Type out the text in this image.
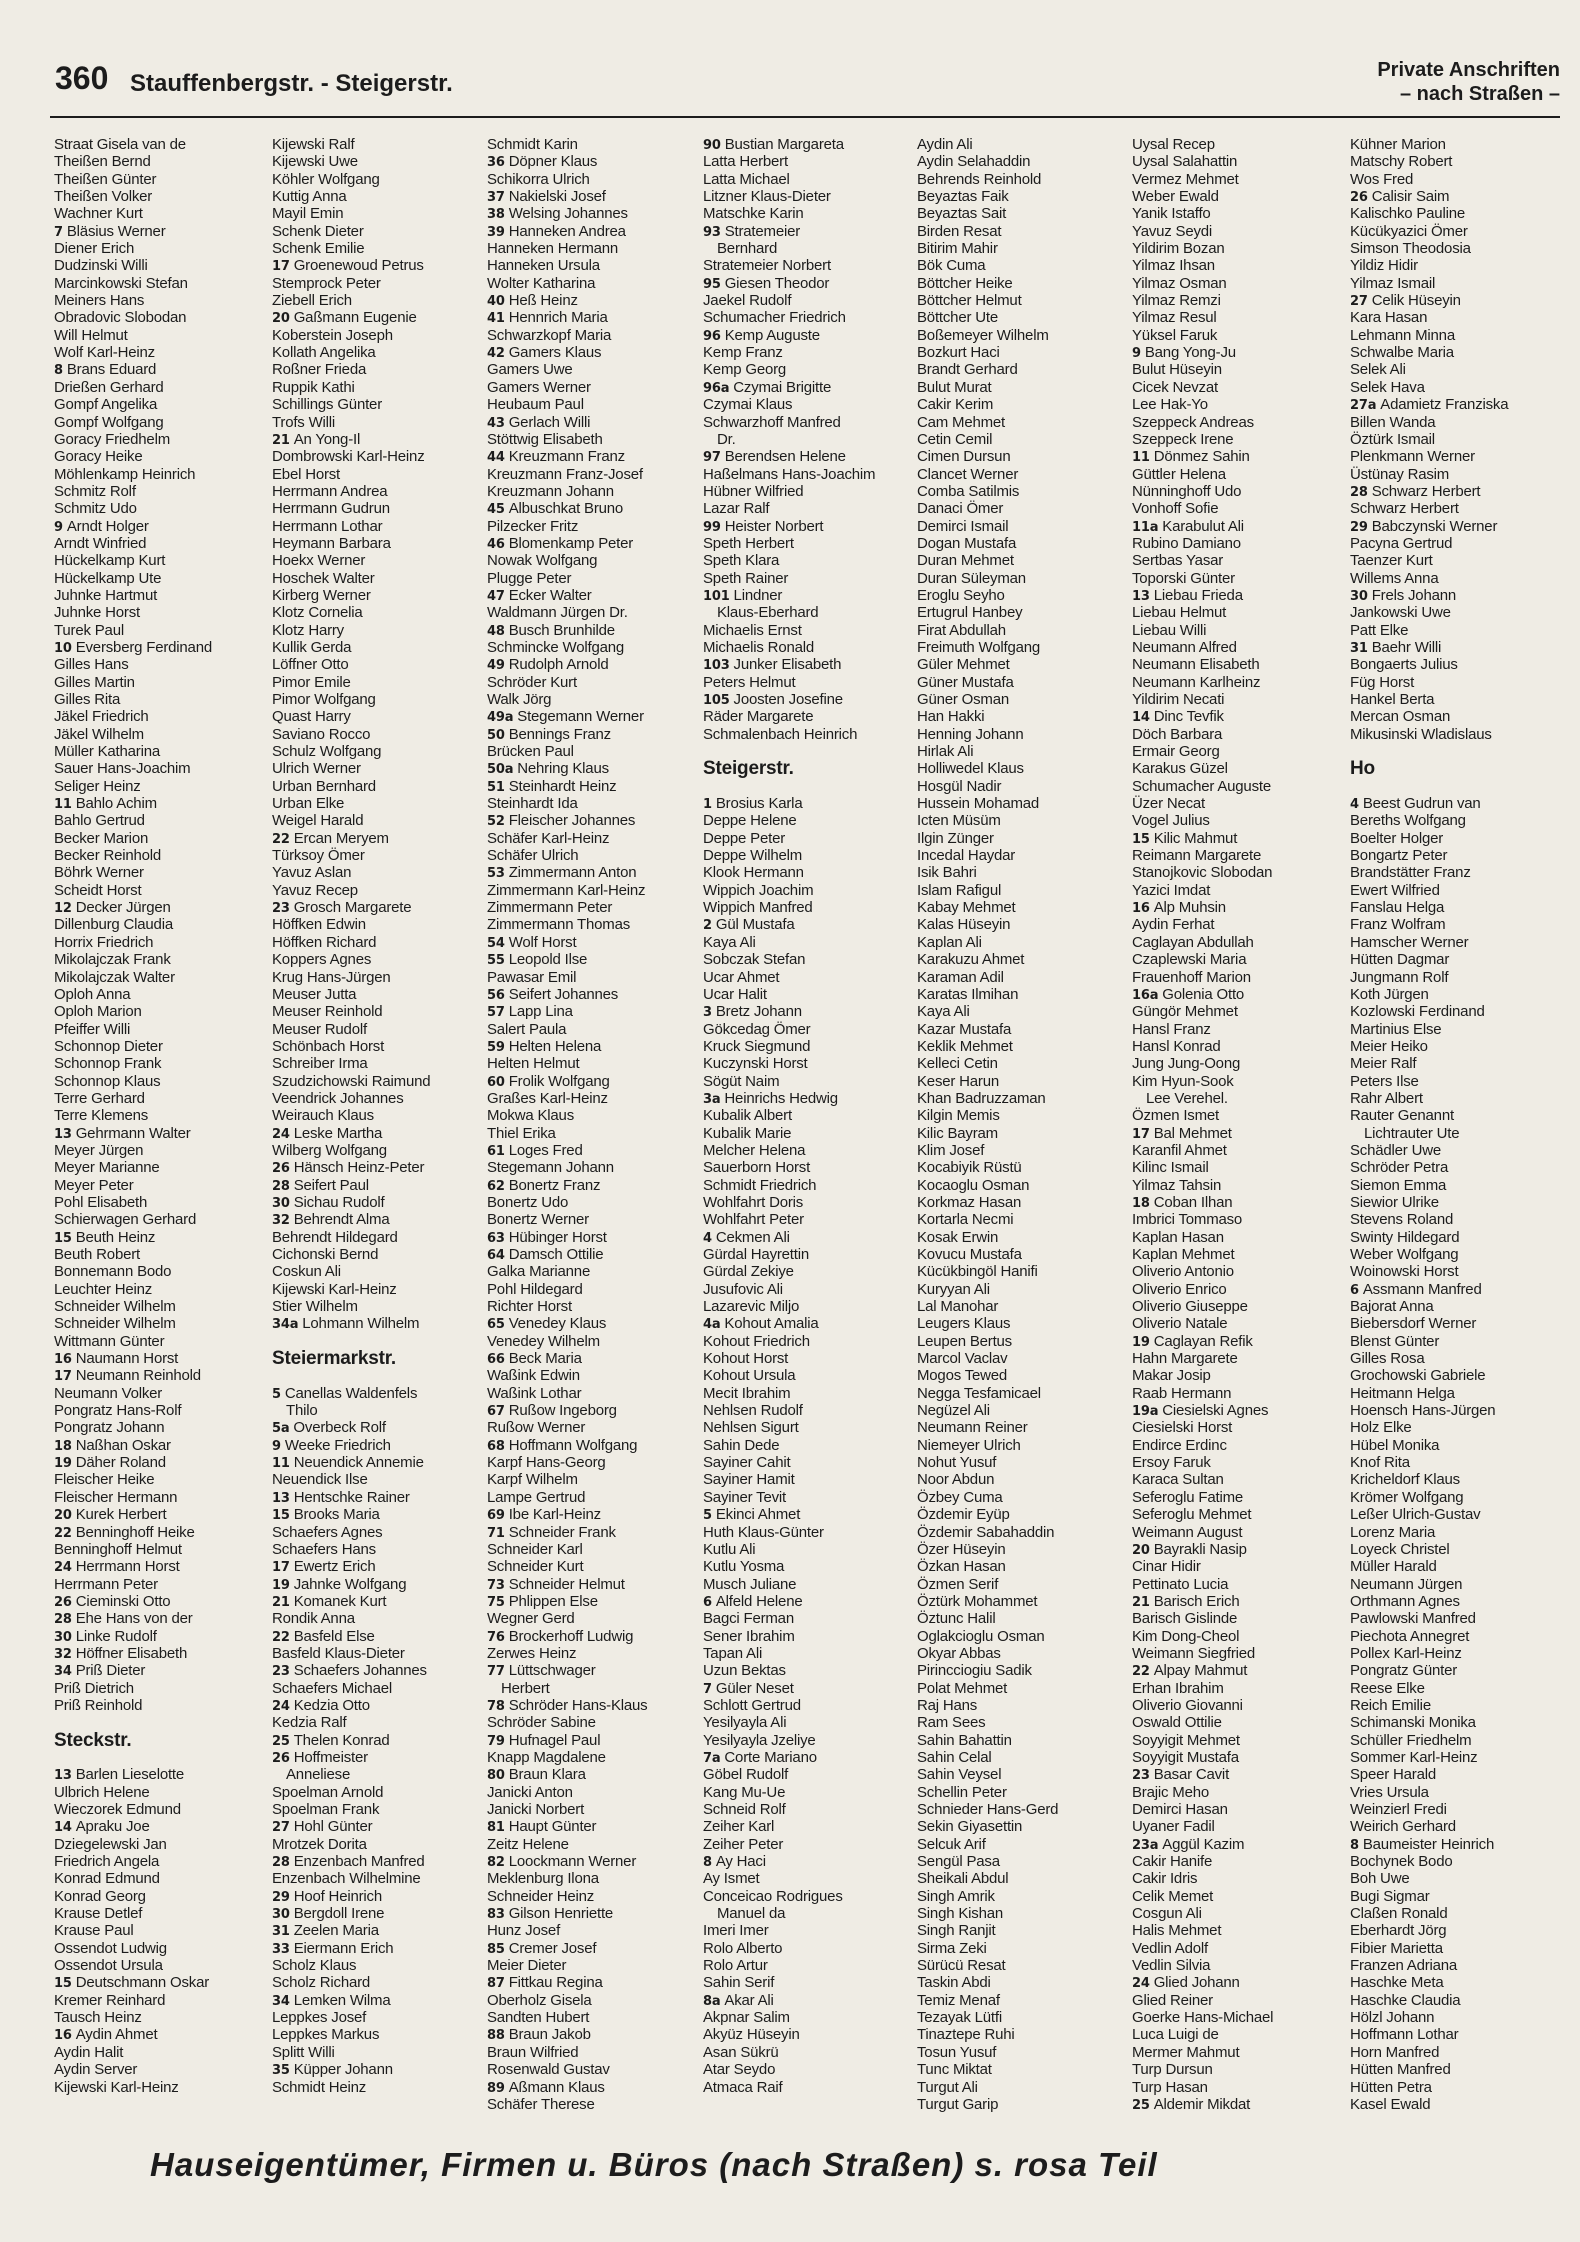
360 Stauffenbergstr. - Steigerstr.	Private Anschriften
– nach Straßen –
Straat Gisela van de
Theißen Bernd
Theißen Günter
Theißen Volker
Wachner Kurt
7 Bläsius Werner
Diener Erich
Dudzinski Willi
Marcinkowski Stefan
Meiners Hans
Obradovic Slobodan
Will Helmut
Wolf Karl-Heinz
8 Brans Eduard
Drießen Gerhard
Gompf Angelika
Gompf Wolfgang
Goracy Friedhelm
Goracy Heike
Möhlenkamp Heinrich
Schmitz Rolf
Schmitz Udo
9 Arndt Holger
Arndt Winfried
Hückelkamp Kurt
Hückelkamp Ute
Juhnke Hartmut
Juhnke Horst
Turek Paul
10 Eversberg Ferdinand
Gilles Hans
Gilles Martin
Gilles Rita
Jäkel Friedrich
Jäkel Wilhelm
Müller Katharina
Sauer Hans-Joachim
Seliger Heinz
11 Bahlo Achim
Bahlo Gertrud
Becker Marion
Becker Reinhold
Böhrk Werner
Scheidt Horst
12 Decker Jürgen
Dillenburg Claudia
Horrix Friedrich
Mikolajczak Frank
Mikolajczak Walter
Oploh Anna
Oploh Marion
Pfeiffer Willi
Schonnop Dieter
Schonnop Frank
Schonnop Klaus
Terre Gerhard
Terre Klemens
13 Gehrmann Walter
Meyer Jürgen
Meyer Marianne
Meyer Peter
Pohl Elisabeth
Schierwagen Gerhard
15 Beuth Heinz
Beuth Robert
Bonnemann Bodo
Leuchter Heinz
Schneider Wilhelm
Schneider Wilhelm
Wittmann Günter
16 Naumann Horst
17 Neumann Reinhold
Neumann Volker
Pongratz Hans-Rolf
Pongratz Johann
18 Naßhan Oskar
19 Däher Roland
Fleischer Heike
Fleischer Hermann
20 Kurek Herbert
22 Benninghoff Heike
Benninghoff Helmut
24 Herrmann Horst
Herrmann Peter
26 Cieminski Otto
28 Ehe Hans von der
30 Linke Rudolf
32 Höffner Elisabeth
34 Priß Dieter
Priß Dietrich
Priß Reinhold
Steckstr.
13 Barlen Lieselotte
Ulbrich Helene
Wieczorek Edmund
14 Apraku Joe
Dziegelewski Jan
Friedrich Angela
Konrad Edmund
Konrad Georg
Krause Detlef
Krause Paul
Ossendot Ludwig
Ossendot Ursula
15 Deutschmann Oskar
Kremer Reinhard
Tausch Heinz
16 Aydin Ahmet
Aydin Halit
Aydin Server
Kijewski Karl-Heinz
Kijewski Ralf
Kijewski Uwe
Köhler Wolfgang
Kuttig Anna
Mayil Emin
Schenk Dieter
Schenk Emilie
17 Groenewoud Petrus
Stemprock Peter
Ziebell Erich
20 Gaßmann Eugenie
Koberstein Joseph
Kollath Angelika
Roßner Frieda
Ruppik Kathi
Schillings Günter
Trofs Willi
21 An Yong-Il
Dombrowski Karl-Heinz
Ebel Horst
Herrmann Andrea
Herrmann Gudrun
Herrmann Lothar
Heymann Barbara
Hoekx Werner
Hoschek Walter
Kirberg Werner
Klotz Cornelia
Klotz Harry
Kullik Gerda
Löffner Otto
Pimor Emile
Pimor Wolfgang
Quast Harry
Saviano Rocco
Schulz Wolfgang
Ulrich Werner
Urban Bernhard
Urban Elke
Weigel Harald
22 Ercan Meryem
Türksoy Ömer
Yavuz Aslan
Yavuz Recep
23 Grosch Margarete
Höffken Edwin
Höffken Richard
Koppers Agnes
Krug Hans-Jürgen
Meuser Jutta
Meuser Reinhold
Meuser Rudolf
Schönbach Horst
Schreiber Irma
Szudzichowski Raimund
Veendrick Johannes
Weirauch Klaus
24 Leske Martha
Wilberg Wolfgang
26 Hänsch Heinz-Peter
28 Seifert Paul
30 Sichau Rudolf
32 Behrendt Alma
Behrendt Hildegard
Cichonski Bernd
Coskun Ali
Kijewski Karl-Heinz
Stier Wilhelm
34a Lohmann Wilhelm
Steiermarkstr.
5 Canellas Waldenfels
Thilo
5a Overbeck Rolf
9 Weeke Friedrich
11 Neuendick Annemie
Neuendick Ilse
13 Hentschke Rainer
15 Brooks Maria
Schaefers Agnes
Schaefers Hans
17 Ewertz Erich
19 Jahnke Wolfgang
21 Komanek Kurt
Rondik Anna
22 Basfeld Else
Basfeld Klaus-Dieter
23 Schaefers Johannes
Schaefers Michael
24 Kedzia Otto
Kedzia Ralf
25 Thelen Konrad
26 Hoffmeister
Anneliese
Spoelman Arnold
Spoelman Frank
27 Hohl Günter
Mrotzek Dorita
28 Enzenbach Manfred
Enzenbach Wilhelmine
29 Hoof Heinrich
30 Bergdoll Irene
31 Zeelen Maria
33 Eiermann Erich
Scholz Klaus
Scholz Richard
34 Lemken Wilma
Leppkes Josef
Leppkes Markus
Splitt Willi
35 Küpper Johann
Schmidt Heinz
Schmidt Karin
36 Döpner Klaus
Schikorra Ulrich
37 Nakielski Josef
38 Welsing Johannes
39 Hanneken Andrea
Hanneken Hermann
Hanneken Ursula
Wolter Katharina
40 Heß Heinz
41 Hennrich Maria
Schwarzkopf Maria
42 Gamers Klaus
Gamers Uwe
Gamers Werner
Heubaum Paul
43 Gerlach Willi
Stöttwig Elisabeth
44 Kreuzmann Franz
Kreuzmann Franz-Josef
Kreuzmann Johann
45 Albuschkat Bruno
Pilzecker Fritz
46 Blomenkamp Peter
Nowak Wolfgang
Plugge Peter
47 Ecker Walter
Waldmann Jürgen Dr.
48 Busch Brunhilde
Schmincke Wolfgang
49 Rudolph Arnold
Schröder Kurt
Walk Jörg
49a Stegemann Werner
50 Bennings Franz
Brücken Paul
50a Nehring Klaus
51 Steinhardt Heinz
Steinhardt Ida
52 Fleischer Johannes
Schäfer Karl-Heinz
Schäfer Ulrich
53 Zimmermann Anton
Zimmermann Karl-Heinz
Zimmermann Peter
Zimmermann Thomas
54 Wolf Horst
55 Leopold Ilse
Pawasar Emil
56 Seifert Johannes
57 Lapp Lina
Salert Paula
59 Helten Helena
Helten Helmut
60 Frolik Wolfgang
Graßes Karl-Heinz
Mokwa Klaus
Thiel Erika
61 Loges Fred
Stegemann Johann
62 Bonertz Franz
Bonertz Udo
Bonertz Werner
63 Hübinger Horst
64 Damsch Ottilie
Galka Marianne
Pohl Hildegard
Richter Horst
65 Venedey Klaus
Venedey Wilhelm
66 Beck Maria
Waßink Edwin
Waßink Lothar
67 Rußow Ingeborg
Rußow Werner
68 Hoffmann Wolfgang
Karpf Hans-Georg
Karpf Wilhelm
Lampe Gertrud
69 Ibe Karl-Heinz
71 Schneider Frank
Schneider Karl
Schneider Kurt
73 Schneider Helmut
75 Phlippen Else
Wegner Gerd
76 Brockerhoff Ludwig
Zerwes Heinz
77 Lüttschwager
Herbert
78 Schröder Hans-Klaus
Schröder Sabine
79 Hufnagel Paul
Knapp Magdalene
80 Braun Klara
Janicki Anton
Janicki Norbert
81 Haupt Günter
Zeitz Helene
82 Loockmann Werner
Meklenburg Ilona
Schneider Heinz
83 Gilson Henriette
Hunz Josef
85 Cremer Josef
Meier Dieter
87 Fittkau Regina
Oberholz Gisela
Sandten Hubert
88 Braun Jakob
Braun Wilfried
Rosenwald Gustav
89 Aßmann Klaus
Schäfer Therese
90 Bustian Margareta
Latta Herbert
Latta Michael
Litzner Klaus-Dieter
Matschke Karin
93 Stratemeier
Bernhard
Stratemeier Norbert
95 Giesen Theodor
Jaekel Rudolf
Schumacher Friedrich
96 Kemp Auguste
Kemp Franz
Kemp Georg
96a Czymai Brigitte
Czymai Klaus
Schwarzhoff Manfred
Dr.
97 Berendsen Helene
Haßelmans Hans-Joachim
Hübner Wilfried
Lazar Ralf
99 Heister Norbert
Speth Herbert
Speth Klara
Speth Rainer
101 Lindner
Klaus-Eberhard
Michaelis Ernst
Michaelis Ronald
103 Junker Elisabeth
Peters Helmut
105 Joosten Josefine
Räder Margarete
Schmalenbach Heinrich
Steigerstr.
1 Brosius Karla
Deppe Helene
Deppe Peter
Deppe Wilhelm
Klook Hermann
Wippich Joachim
Wippich Manfred
2 Gül Mustafa
Kaya Ali
Sobczak Stefan
Ucar Ahmet
Ucar Halit
3 Bretz Johann
Gökcedag Ömer
Kruck Siegmund
Kuczynski Horst
Sögüt Naim
3a Heinrichs Hedwig
Kubalik Albert
Kubalik Marie
Melcher Helena
Sauerborn Horst
Schmidt Friedrich
Wohlfahrt Doris
Wohlfahrt Peter
4 Cekmen Ali
Gürdal Hayrettin
Gürdal Zekiye
Jusufovic Ali
Lazarevic Miljo
4a Kohout Amalia
Kohout Friedrich
Kohout Horst
Kohout Ursula
Mecit Ibrahim
Nehlsen Rudolf
Nehlsen Sigurt
Sahin Dede
Sayiner Cahit
Sayiner Hamit
Sayiner Tevit
5 Ekinci Ahmet
Huth Klaus-Günter
Kutlu Ali
Kutlu Yosma
Musch Juliane
6 Alfeld Helene
Bagci Ferman
Sener Ibrahim
Tapan Ali
Uzun Bektas
7 Güler Neset
Schlott Gertrud
Yesilyayla Ali
Yesilyayla Jzeliye
7a Corte Mariano
Göbel Rudolf
Kang Mu-Ue
Schneid Rolf
Zeiher Karl
Zeiher Peter
8 Ay Haci
Ay Ismet
Conceicao Rodrigues
Manuel da
Imeri Imer
Rolo Alberto
Rolo Artur
Sahin Serif
8a Akar Ali
Akpnar Salim
Akyüz Hüseyin
Asan Sükrü
Atar Seydo
Atmaca Raif
Aydin Ali
Aydin Selahaddin
Behrends Reinhold
Beyaztas Faik
Beyaztas Sait
Birden Resat
Bitirim Mahir
Bök Cuma
Böttcher Heike
Böttcher Helmut
Böttcher Ute
Boßemeyer Wilhelm
Bozkurt Haci
Brandt Gerhard
Bulut Murat
Cakir Kerim
Cam Mehmet
Cetin Cemil
Cimen Dursun
Clancet Werner
Comba Satilmis
Danaci Ömer
Demirci Ismail
Dogan Mustafa
Duran Mehmet
Duran Süleyman
Eroglu Seyho
Ertugrul Hanbey
Firat Abdullah
Freimuth Wolfgang
Güler Mehmet
Güner Mustafa
Güner Osman
Han Hakki
Henning Johann
Hirlak Ali
Holliwedel Klaus
Hosgül Nadir
Hussein Mohamad
Icten Müsüm
Ilgin Zünger
Incedal Haydar
Isik Bahri
Islam Rafigul
Kabay Mehmet
Kalas Hüseyin
Kaplan Ali
Karakuzu Ahmet
Karaman Adil
Karatas Ilmihan
Kaya Ali
Kazar Mustafa
Keklik Mehmet
Kelleci Cetin
Keser Harun
Khan Badruzzaman
Kilgin Memis
Kilic Bayram
Klim Josef
Kocabiyik Rüstü
Kocaoglu Osman
Korkmaz Hasan
Kortarla Necmi
Kosak Erwin
Kovucu Mustafa
Kücükbingöl Hanifi
Kuryyan Ali
Lal Manohar
Leugers Klaus
Leupen Bertus
Marcol Vaclav
Mogos Tewed
Negga Tesfamicael
Negüzel Ali
Neumann Reiner
Niemeyer Ulrich
Nohut Yusuf
Noor Abdun
Özbey Cuma
Özdemir Eyüp
Özdemir Sabahaddin
Özer Hüseyin
Özkan Hasan
Özmen Serif
Öztürk Mohammet
Öztunc Halil
Oglakcioglu Osman
Okyar Abbas
Pirincciogiu Sadik
Polat Mehmet
Raj Hans
Ram Sees
Sahin Bahattin
Sahin Celal
Sahin Veysel
Schellin Peter
Schnieder Hans-Gerd
Sekin Giyasettin
Selcuk Arif
Sengül Pasa
Sheikali Abdul
Singh Amrik
Singh Kishan
Singh Ranjit
Sirma Zeki
Sürücü Resat
Taskin Abdi
Temiz Menaf
Tezayak Lütfi
Tinaztepe Ruhi
Tosun Yusuf
Tunc Miktat
Turgut Ali
Turgut Garip
Uysal Recep
Uysal Salahattin
Vermez Mehmet
Weber Ewald
Yanik Istaffo
Yavuz Seydi
Yildirim Bozan
Yilmaz Ihsan
Yilmaz Osman
Yilmaz Remzi
Yilmaz Resul
Yüksel Faruk
9 Bang Yong-Ju
Bulut Hüseyin
Cicek Nevzat
Lee Hak-Yo
Szeppeck Andreas
Szeppeck Irene
11 Dönmez Sahin
Güttler Helena
Nünninghoff Udo
Vonhoff Sofie
11a Karabulut Ali
Rubino Damiano
Sertbas Yasar
Toporski Günter
13 Liebau Frieda
Liebau Helmut
Liebau Willi
Neumann Alfred
Neumann Elisabeth
Neumann Karlheinz
Yildirim Necati
14 Dinc Tevfik
Döch Barbara
Ermair Georg
Karakus Güzel
Schumacher Auguste
Üzer Necat
Vogel Julius
15 Kilic Mahmut
Reimann Margarete
Stanojkovic Slobodan
Yazici Imdat
16 Alp Muhsin
Aydin Ferhat
Caglayan Abdullah
Czaplewski Maria
Frauenhoff Marion
16a Golenia Otto
Güngör Mehmet
Hansl Franz
Hansl Konrad
Jung Jung-Oong
Kim Hyun-Sook
Lee Verehel.
Özmen Ismet
17 Bal Mehmet
Karanfil Ahmet
Kilinc Ismail
Yilmaz Tahsin
18 Coban Ilhan
Imbrici Tommaso
Kaplan Hasan
Kaplan Mehmet
Oliverio Antonio
Oliverio Enrico
Oliverio Giuseppe
Oliverio Natale
19 Caglayan Refik
Hahn Margarete
Makar Josip
Raab Hermann
19a Ciesielski Agnes
Ciesielski Horst
Endirce Erdinc
Ersoy Faruk
Karaca Sultan
Seferoglu Fatime
Seferoglu Mehmet
Weimann August
20 Bayrakli Nasip
Cinar Hidir
Pettinato Lucia
21 Barisch Erich
Barisch Gislinde
Kim Dong-Cheol
Weimann Siegfried
22 Alpay Mahmut
Erhan Ibrahim
Oliverio Giovanni
Oswald Ottilie
Soyyigit Mehmet
Soyyigit Mustafa
23 Basar Cavit
Brajic Meho
Demirci Hasan
Uyaner Fadil
23a Aggül Kazim
Cakir Hanife
Cakir Idris
Celik Memet
Cosgun Ali
Halis Mehmet
Vedlin Adolf
Vedlin Silvia
24 Glied Johann
Glied Reiner
Goerke Hans-Michael
Luca Luigi de
Mermer Mahmut
Turp Dursun
Turp Hasan
25 Aldemir Mikdat
Kühner Marion
Matschy Robert
Wos Fred
26 Calisir Saim
Kalischko Pauline
Kücükyazici Ömer
Simson Theodosia
Yildiz Hidir
Yilmaz Ismail
27 Celik Hüseyin
Kara Hasan
Lehmann Minna
Schwalbe Maria
Selek Ali
Selek Hava
27a Adamietz Franziska
Billen Wanda
Öztürk Ismail
Plenkmann Werner
Üstünay Rasim
28 Schwarz Herbert
Schwarz Herbert
29 Babczynski Werner
Pacyna Gertrud
Taenzer Kurt
Willems Anna
30 Frels Johann
Jankowski Uwe
Patt Elke
31 Baehr Willi
Bongaerts Julius
Füg Horst
Hankel Berta
Mercan Osman
Mikusinski Wladislaus
Ho
4 Beest Gudrun van
Bereths Wolfgang
Boelter Holger
Bongartz Peter
Brandstätter Franz
Ewert Wilfried
Fanslau Helga
Franz Wolfram
Hamscher Werner
Hütten Dagmar
Jungmann Rolf
Koth Jürgen
Kozlowski Ferdinand
Martinius Else
Meier Heiko
Meier Ralf
Peters Ilse
Rahr Albert
Rauter Genannt
Lichtrauter Ute
Schädler Uwe
Schröder Petra
Siemon Emma
Siewior Ulrike
Stevens Roland
Swinty Hildegard
Weber Wolfgang
Woinowski Horst
6 Assmann Manfred
Bajorat Anna
Biebersdorf Werner
Blenst Günter
Gilles Rosa
Grochowski Gabriele
Heitmann Helga
Hoensch Hans-Jürgen
Holz Elke
Hübel Monika
Knof Rita
Kricheldorf Klaus
Krömer Wolfgang
Leßer Ulrich-Gustav
Lorenz Maria
Loyeck Christel
Müller Harald
Neumann Jürgen
Orthmann Agnes
Pawlowski Manfred
Piechota Annegret
Pollex Karl-Heinz
Pongratz Günter
Reese Elke
Reich Emilie
Schimanski Monika
Schüller Friedhelm
Sommer Karl-Heinz
Speer Harald
Vries Ursula
Weinzierl Fredi
Weirich Gerhard
8 Baumeister Heinrich
Bochynek Bodo
Boh Uwe
Bugi Sigmar
Claßen Ronald
Eberhardt Jörg
Fibier Marietta
Franzen Adriana
Haschke Meta
Haschke Claudia
Hölzl Johann
Hoffmann Lothar
Horn Manfred
Hütten Manfred
Hütten Petra
Kasel Ewald
Hauseigentümer, Firmen u. Büros (nach Straßen) s. rosa Teil
